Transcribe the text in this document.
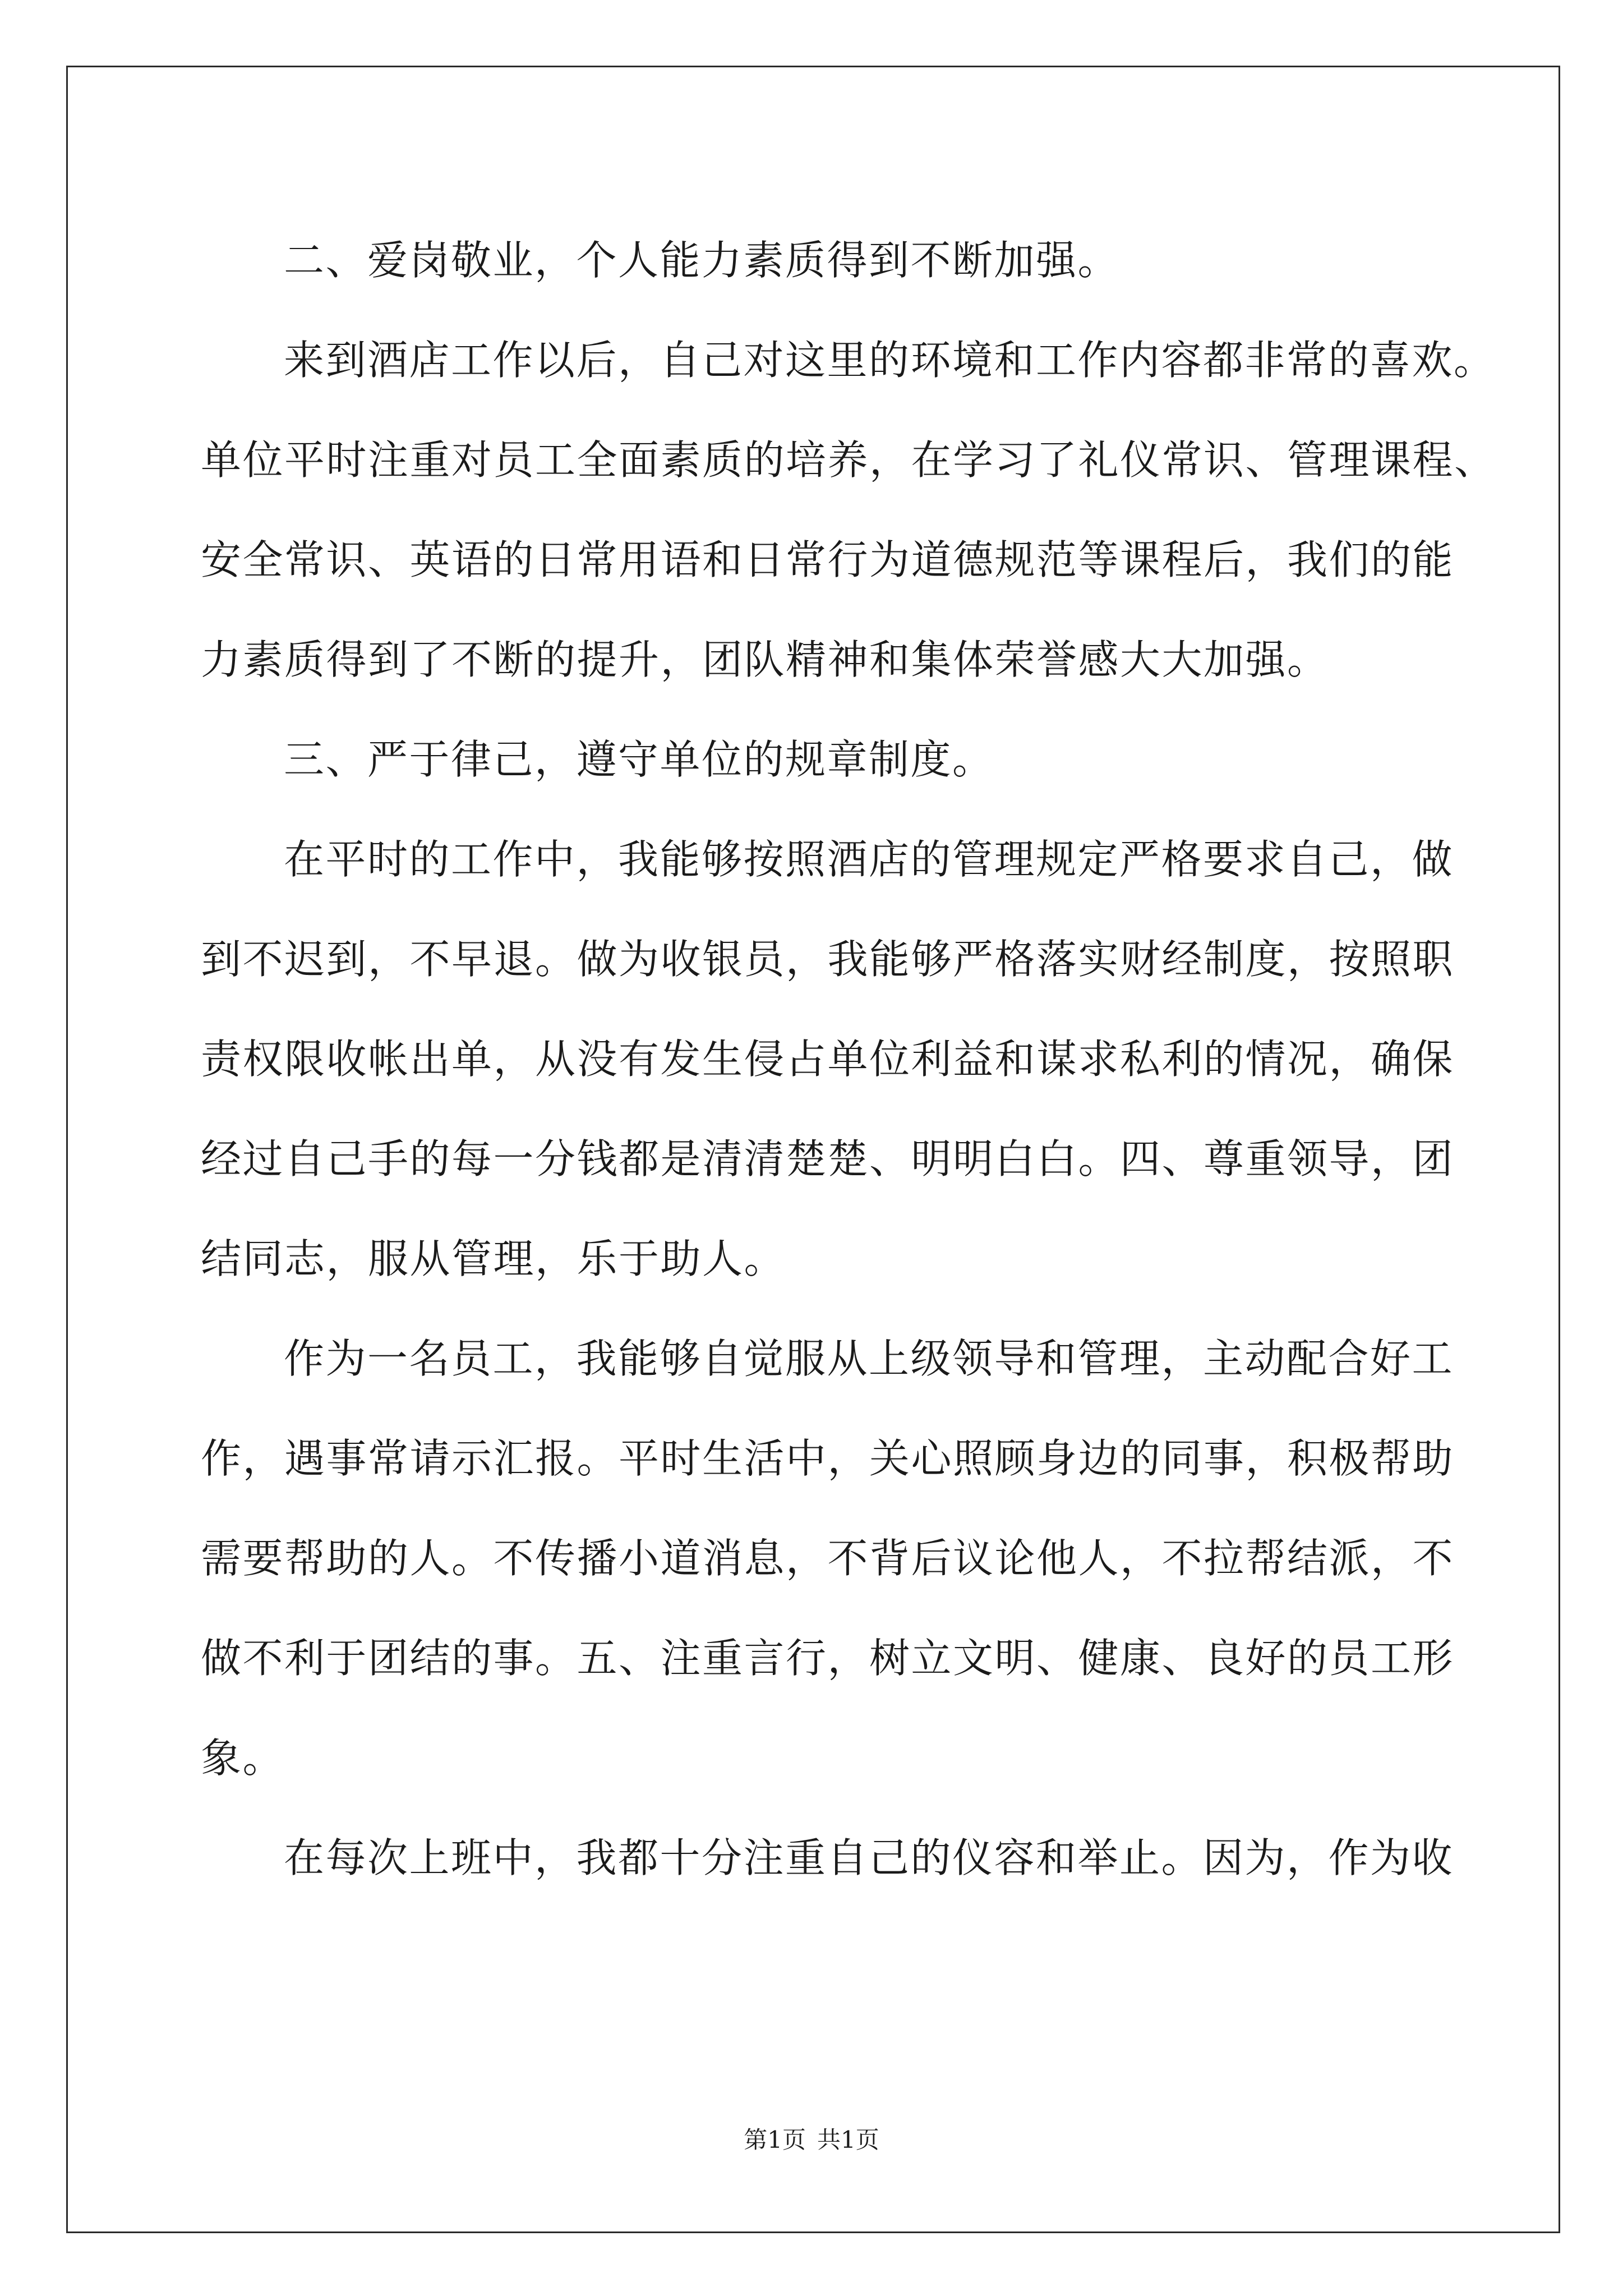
二、爱岗敬业，个人能力素质得到不断加强。
来到酒店工作以后，自己对这里的环境和工作内容都非常的喜欢。
单位平时注重对员工全面素质的培养，在学习了礼仪常识、管理课程、
安全常识、英语的日常用语和日常行为道德规范等课程后，我们的能
力素质得到了不断的提升，团队精神和集体荣誉感大大加强。
三、严于律己，遵守单位的规章制度。
在平时的工作中，我能够按照酒店的管理规定严格要求自己，做
到不迟到，不早退。做为收银员，我能够严格落实财经制度，按照职
责权限收帐出单，从没有发生侵占单位利益和谋求私利的情况，确保
经过自己手的每一分钱都是清清楚楚、明明白白。四、尊重领导，团
结同志，服从管理，乐于助人。
作为一名员工，我能够自觉服从上级领导和管理，主动配合好工
作，遇事常请示汇报。平时生活中，关心照顾身边的同事，积极帮助
需要帮助的人。不传播小道消息，不背后议论他人，不拉帮结派，不
做不利于团结的事。五、注重言行，树立文明、健康、良好的员工形
象。
在每次上班中，我都十分注重自己的仪容和举止。因为，作为收
第1页 共1页
